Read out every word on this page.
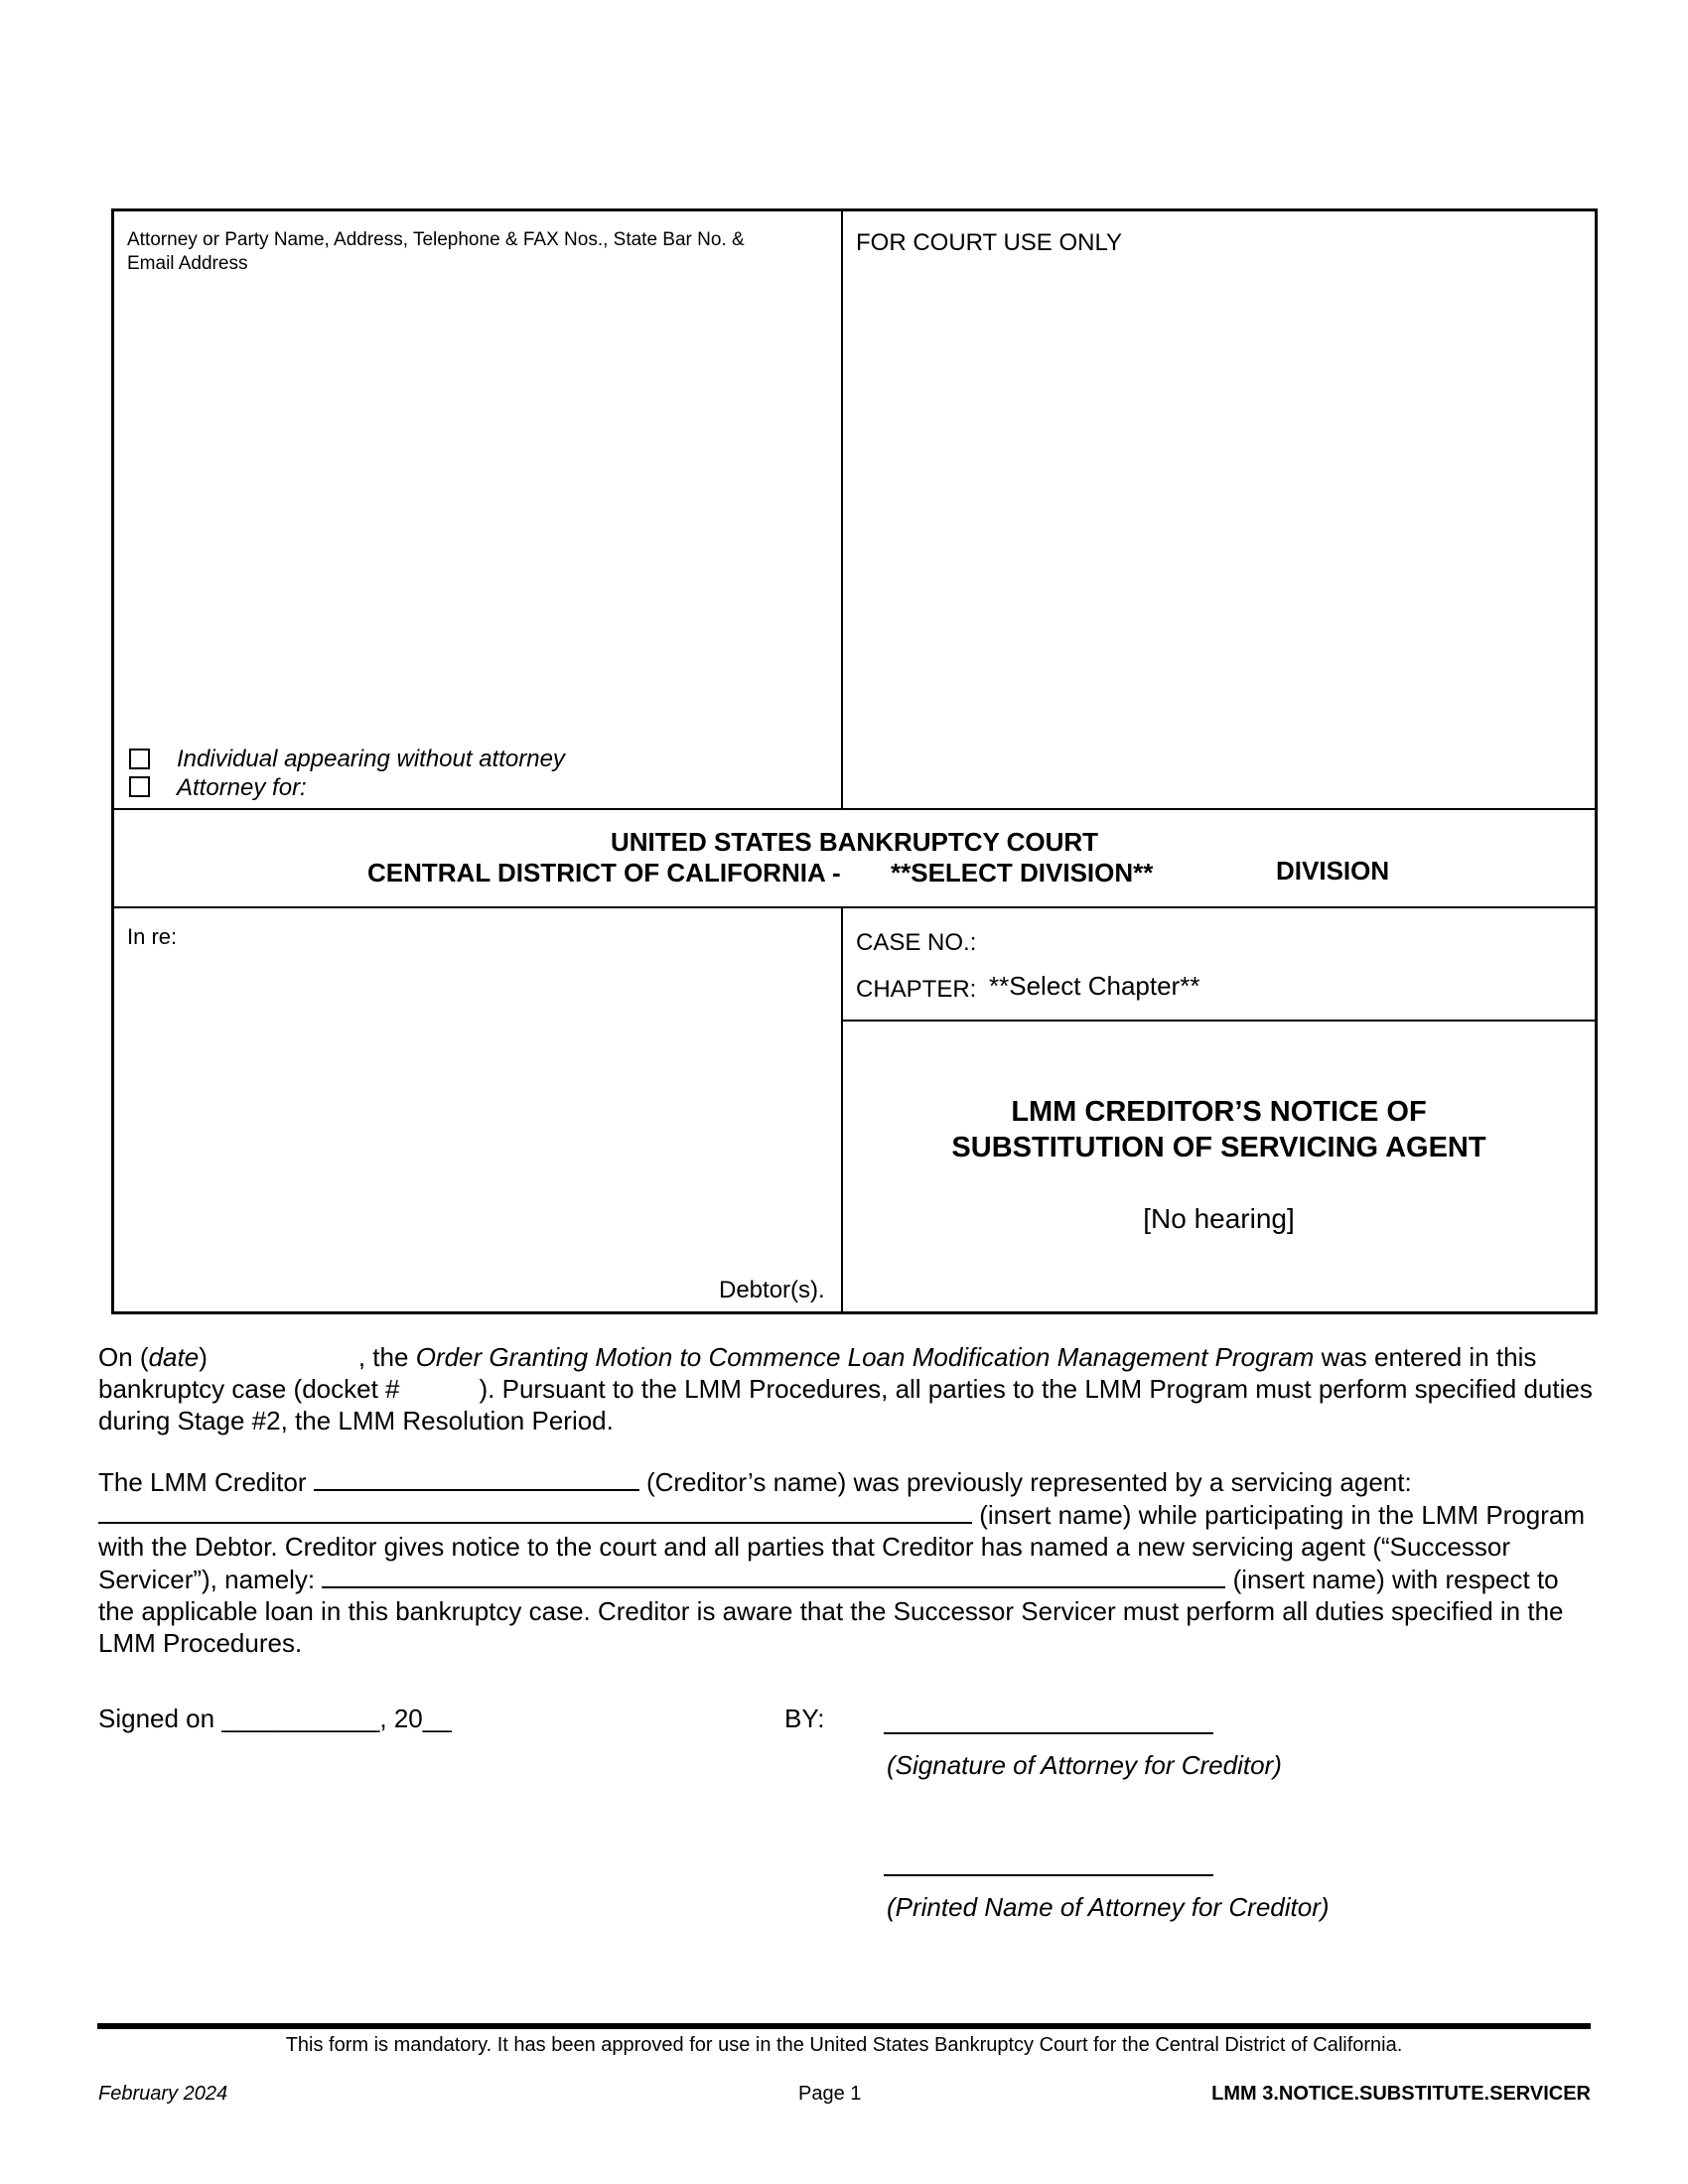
Attorney or Party Name, Address, Telephone & FAX Nos., State Bar No. &
Email Address
FOR COURT USE ONLY
Individual appearing without attorney
Attorney for:
UNITED STATES BANKRUPTCY COURT
CENTRAL DISTRICT OF CALIFORNIA - **SELECT DIVISION**	DIVISION
In re:
Debtor(s).
CASE NO.:
CHAPTER: **Select Chapter**
LMM CREDITOR’S NOTICE OF
SUBSTITUTION OF SERVICING AGENT
[No hearing]

On (date)	, the Order Granting Motion to Commence Loan Modification Management Program was entered in this bankruptcy case (docket #	). Pursuant to the LMM Procedures, all parties to the LMM Program must perform specified duties during Stage #2, the LMM Resolution Period.

The LMM Creditor	(Creditor’s name) was previously represented by a servicing agent:  (insert name) while participating in the LMM Program with the Debtor. Creditor gives notice to the court and all parties that Creditor has named a new servicing agent (“Successor Servicer”), namely:	(insert name) with respect to the applicable loan in this bankruptcy case. Creditor is aware that the Successor Servicer must perform all duties specified in the LMM Procedures.

Signed on ___________, 20__	BY:
(Signature of Attorney for Creditor)
(Printed Name of Attorney for Creditor)
This form is mandatory. It has been approved for use in the United States Bankruptcy Court for the Central District of California.
February 2024	Page 1	LMM 3.NOTICE.SUBSTITUTE.SERVICER
